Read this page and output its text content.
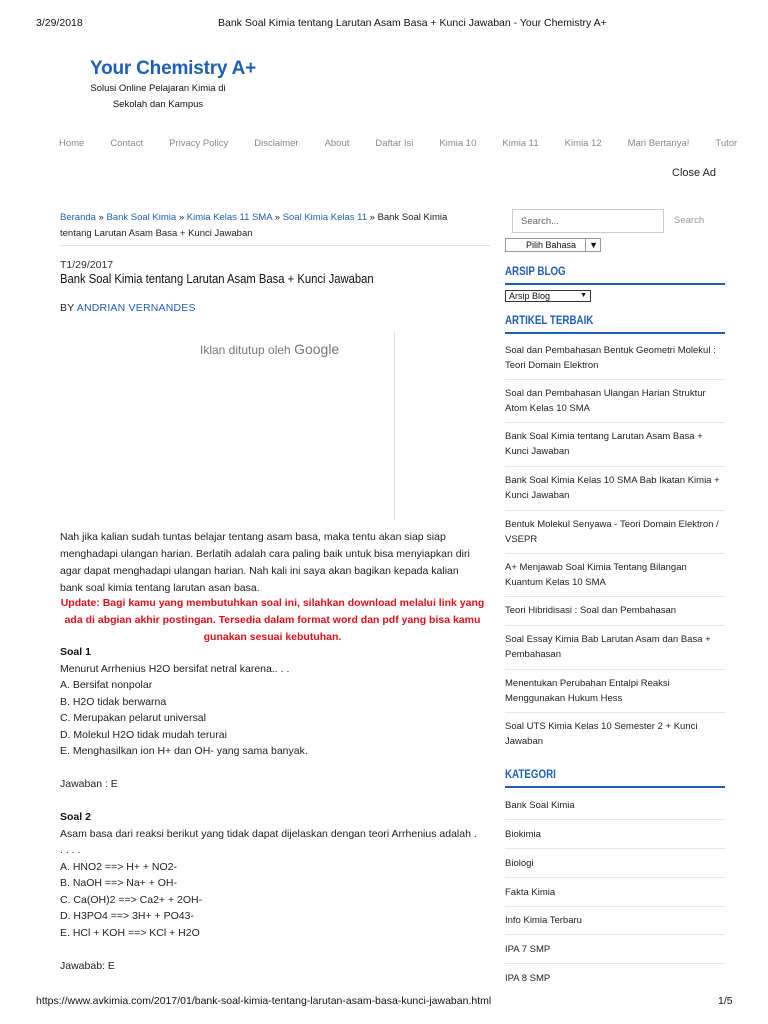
3/29/2018	Bank Soal Kimia tentang Larutan Asam Basa + Kunci Jawaban - Your Chemistry A+
Your Chemistry A+
Solusi Online Pelajaran Kimia di Sekolah dan Kampus
Home	Contact	Privacy Policy	Disclaimer	About	Daftar Isi	Kimia 10	Kimia 11	Kimia 12	Mari Bertanya!	Tutor
Close Ad
Beranda » Bank Soal Kimia » Kimia Kelas 11 SMA » Soal Kimia Kelas 11 » Bank Soal Kimia tentang Larutan Asam Basa + Kunci Jawaban
T1/29/2017
Bank Soal Kimia tentang Larutan Asam Basa + Kunci Jawaban
BY ANDRIAN VERNANDES
Iklan ditutup oleh Google
Nah jika kalian sudah tuntas belajar tentang asam basa, maka tentu akan siap siap menghadapi ulangan harian. Berlatih adalah cara paling baik untuk bisa menyiapkan diri agar dapat menghadapi ulangan harian. Nah kali ini saya akan bagikan kepada kalian bank soal kimia tentang larutan asan basa.
Update: Bagi kamu yang membutuhkan soal ini, silahkan download melalui link yang ada di abgian akhir postingan. Tersedia dalam format word dan pdf yang bisa kamu gunakan sesuai kebutuhan.
Soal 1
Menurut Arrhenius H2O bersifat netral karena.. . .
A. Bersifat nonpolar
B. H2O tidak berwarna
C. Merupakan pelarut universal
D. Molekul H2O tidak mudah terurai
E. Menghasilkan ion H+ dan OH- yang sama banyak.
Jawaban : E
Soal 2
Asam basa dari reaksi berikut yang tidak dapat dijelaskan dengan teori Arrhenius adalah . . . . .
A. HNO2 ==> H+ + NO2-
B. NaOH ==> Na+ + OH-
C. Ca(OH)2 ==> Ca2+ + 2OH-
D. H3PO4 ==> 3H+ + PO43-
E. HCl + KOH ==> KCl + H2O
Jawabab: E
Search...	Search
Pilih Bahasa	▼
ARSIP BLOG
Arsip Blog	▼
ARTIKEL TERBAIK
Soal dan Pembahasan Bentuk Geometri Molekul : Teori Domain Elektron
Soal dan Pembahasan Ulangan Harian Struktur Atom Kelas 10 SMA
Bank Soal Kimia tentang Larutan Asam Basa + Kunci Jawaban
Bank Soal Kimia Kelas 10 SMA Bab Ikatan Kimia + Kunci Jawaban
Bentuk Molekul Senyawa - Teori Domain Elektron / VSEPR
A+ Menjawab Soal Kimia Tentang Bilangan Kuantum Kelas 10 SMA
Teori Hibridisasi : Soal dan Pembahasan
Soal Essay Kimia Bab Larutan Asam dan Basa + Pembahasan
Menentukan Perubahan Entalpi Reaksi Menggunakan Hukum Hess
Soal UTS Kimia Kelas 10 Semester 2 + Kunci Jawaban
KATEGORI
Bank Soal Kimia
Biokimia
Biologi
Fakta Kimia
Info Kimia Terbaru
IPA 7 SMP
IPA 8 SMP
https://www.avkimia.com/2017/01/bank-soal-kimia-tentang-larutan-asam-basa-kunci-jawaban.html	1/5
